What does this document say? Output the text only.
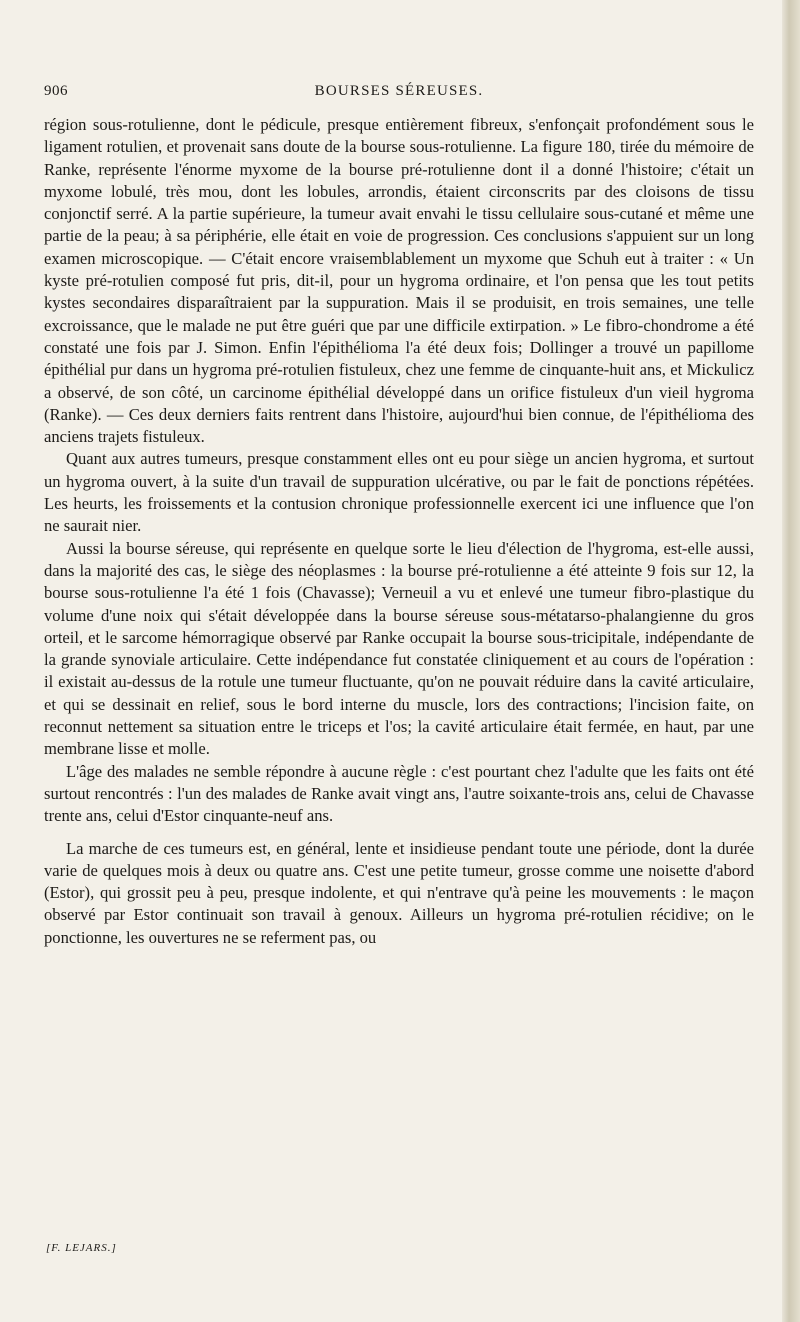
906	BOURSES SÉREUSES.

région sous-rotulienne, dont le pédicule, presque entièrement fibreux, s'enfonçait profondément sous le ligament rotulien, et provenait sans doute de la bourse sous-rotulienne. La figure 180, tirée du mémoire de Ranke, représente l'énorme myxome de la bourse pré-rotulienne dont il a donné l'histoire; c'était un myxome lobulé, très mou, dont les lobules, arrondis, étaient circonscrits par des cloisons de tissu conjonctif serré. A la partie supérieure, la tumeur avait envahi le tissu cellulaire sous-cutané et même une partie de la peau; à sa périphérie, elle était en voie de progression. Ces conclusions s'appuient sur un long examen microscopique. — C'était encore vraisemblablement un myxome que Schuh eut à traiter : « Un kyste pré-rotulien composé fut pris, dit-il, pour un hygroma ordinaire, et l'on pensa que les tout petits kystes secondaires disparaîtraient par la suppuration. Mais il se produisit, en trois semaines, une telle excroissance, que le malade ne put être guéri que par une difficile extirpation. » Le fibro-chondrome a été constaté une fois par J. Simon. Enfin l'épithélioma l'a été deux fois; Dollinger a trouvé un papillome épithélial pur dans un hygroma pré-rotulien fistuleux, chez une femme de cinquante-huit ans, et Mickulicz a observé, de son côté, un carcinome épithélial développé dans un orifice fistuleux d'un vieil hygroma (Ranke). — Ces deux derniers faits rentrent dans l'histoire, aujourd'hui bien connue, de l'épithélioma des anciens trajets fistuleux.

Quant aux autres tumeurs, presque constamment elles ont eu pour siège un ancien hygroma, et surtout un hygroma ouvert, à la suite d'un travail de suppuration ulcérative, ou par le fait de ponctions répétées. Les heurts, les froissements et la contusion chronique professionnelle exercent ici une influence que l'on ne saurait nier.

Aussi la bourse séreuse, qui représente en quelque sorte le lieu d'élection de l'hygroma, est-elle aussi, dans la majorité des cas, le siège des néoplasmes : la bourse pré-rotulienne a été atteinte 9 fois sur 12, la bourse sous-rotulienne l'a été 1 fois (Chavasse); Verneuil a vu et enlevé une tumeur fibro-plastique du volume d'une noix qui s'était développée dans la bourse séreuse sous-métatarso-phalangienne du gros orteil, et le sarcome hémorragique observé par Ranke occupait la bourse sous-tricipitale, indépendante de la grande synoviale articulaire. Cette indépendance fut constatée cliniquement et au cours de l'opération : il existait au-dessus de la rotule une tumeur fluctuante, qu'on ne pouvait réduire dans la cavité articulaire, et qui se dessinait en relief, sous le bord interne du muscle, lors des contractions; l'incision faite, on reconnut nettement sa situation entre le triceps et l'os; la cavité articulaire était fermée, en haut, par une membrane lisse et molle.

L'âge des malades ne semble répondre à aucune règle : c'est pourtant chez l'adulte que les faits ont été surtout rencontrés : l'un des malades de Ranke avait vingt ans, l'autre soixante-trois ans, celui de Chavasse trente ans, celui d'Estor cinquante-neuf ans.

La marche de ces tumeurs est, en général, lente et insidieuse pendant toute une période, dont la durée varie de quelques mois à deux ou quatre ans. C'est une petite tumeur, grosse comme une noisette d'abord (Estor), qui grossit peu à peu, presque indolente, et qui n'entrave qu'à peine les mouvements : le maçon observé par Estor continuait son travail à genoux. Ailleurs un hygroma pré-rotulien récidive; on le ponctionne, les ouvertures ne se referment pas, ou

[F. LEJARS.]
